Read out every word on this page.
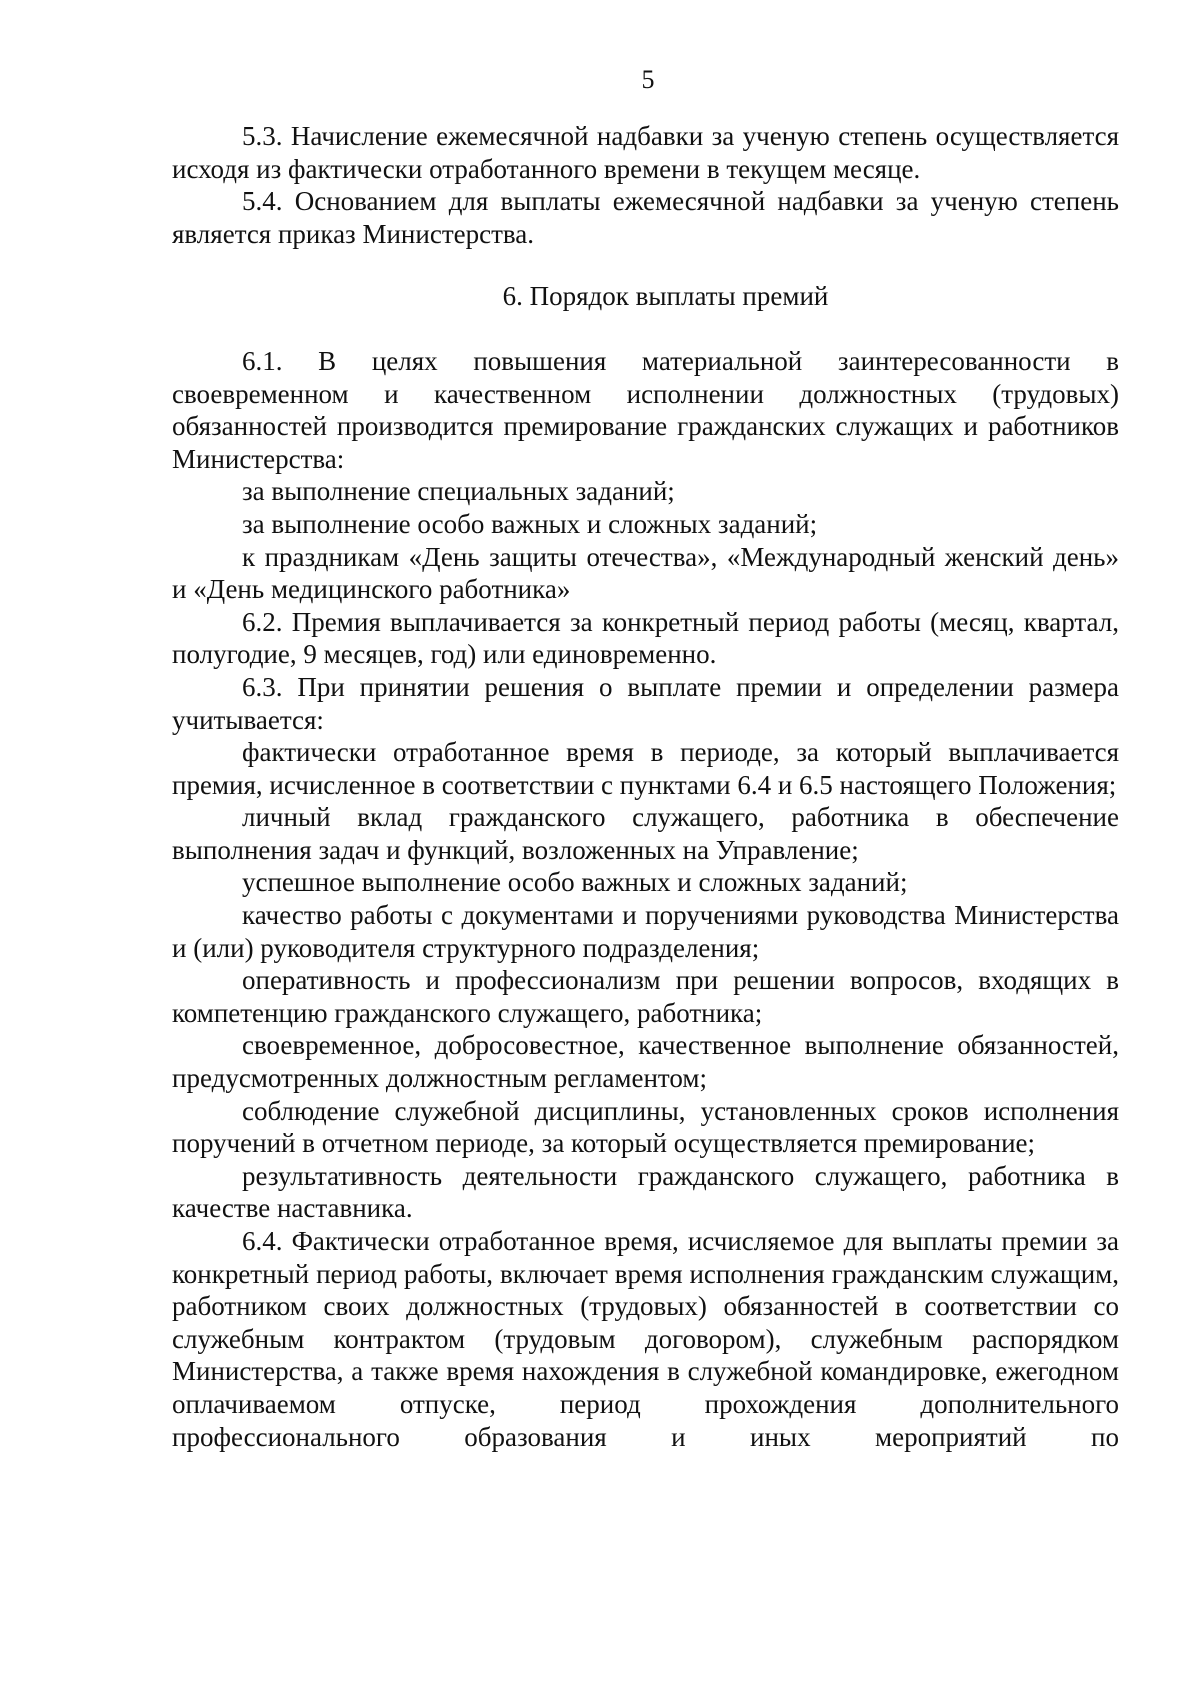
5

5.3. Начисление ежемесячной надбавки за ученую степень осуществляется исходя из фактически отработанного времени в текущем месяце.

5.4. Основанием для выплаты ежемесячной надбавки за ученую степень является приказ Министерства.

6. Порядок выплаты премий

6.1. В целях повышения материальной заинтересованности в своевременном и качественном исполнении должностных (трудовых) обязанностей производится премирование гражданских служащих и работников Министерства:

за выполнение специальных заданий;

за выполнение особо важных и сложных заданий;

к праздникам «День защиты отечества», «Международный женский день» и «День медицинского работника»

6.2. Премия выплачивается за конкретный период работы (месяц, квартал, полугодие, 9 месяцев, год) или единовременно.

6.3. При принятии решения о выплате премии и определении размера учитывается:

фактически отработанное время в периоде, за который выплачивается премия, исчисленное в соответствии с пунктами 6.4 и 6.5 настоящего Положения;

личный вклад гражданского служащего, работника в обеспечение выполнения задач и функций, возложенных на Управление;

успешное выполнение особо важных и сложных заданий;

качество работы с документами и поручениями руководства Министерства и (или) руководителя структурного подразделения;

оперативность и профессионализм при решении вопросов, входящих в компетенцию гражданского служащего, работника;

своевременное, добросовестное, качественное выполнение обязанностей, предусмотренных должностным регламентом;

соблюдение служебной дисциплины, установленных сроков исполнения поручений в отчетном периоде, за который осуществляется премирование;

результативность деятельности гражданского служащего, работника в качестве наставника.

6.4. Фактически отработанное время, исчисляемое для выплаты премии за конкретный период работы, включает время исполнения гражданским служащим, работником своих должностных (трудовых) обязанностей в соответствии со служебным контрактом (трудовым договором), служебным распорядком Министерства, а также время нахождения в служебной командировке, ежегодном оплачиваемом отпуске, период прохождения дополнительного профессионального образования и иных мероприятий по
